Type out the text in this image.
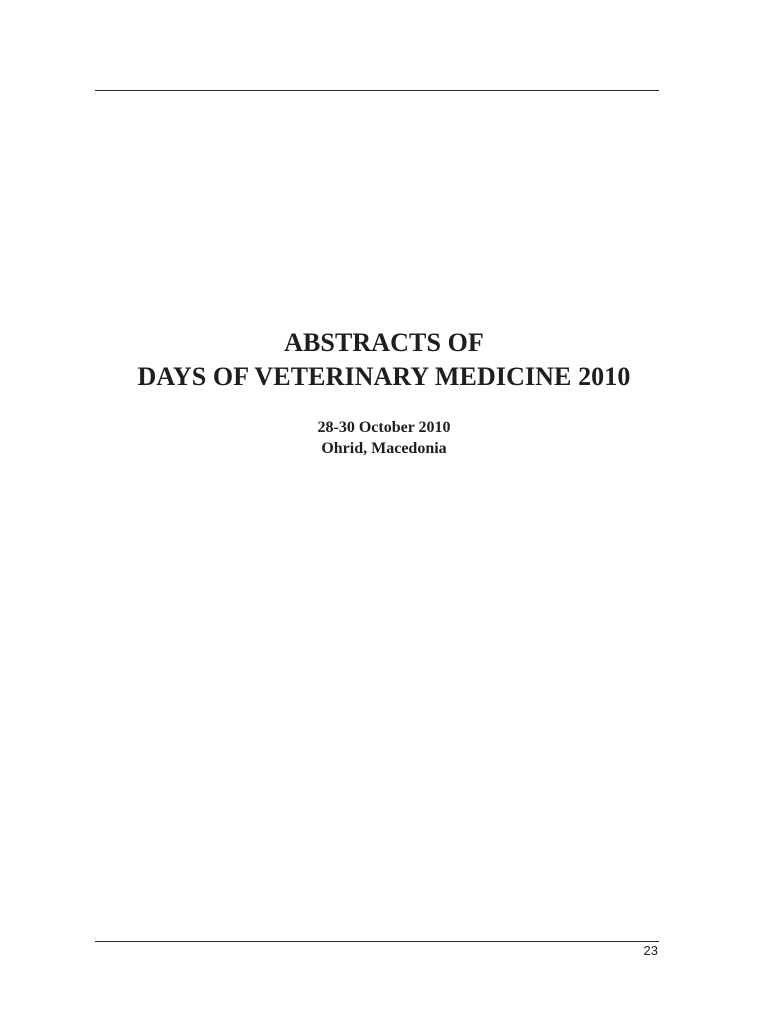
ABSTRACTS OF
DAYS OF VETERINARY MEDICINE 2010
28-30 October 2010
Ohrid, Macedonia
23
